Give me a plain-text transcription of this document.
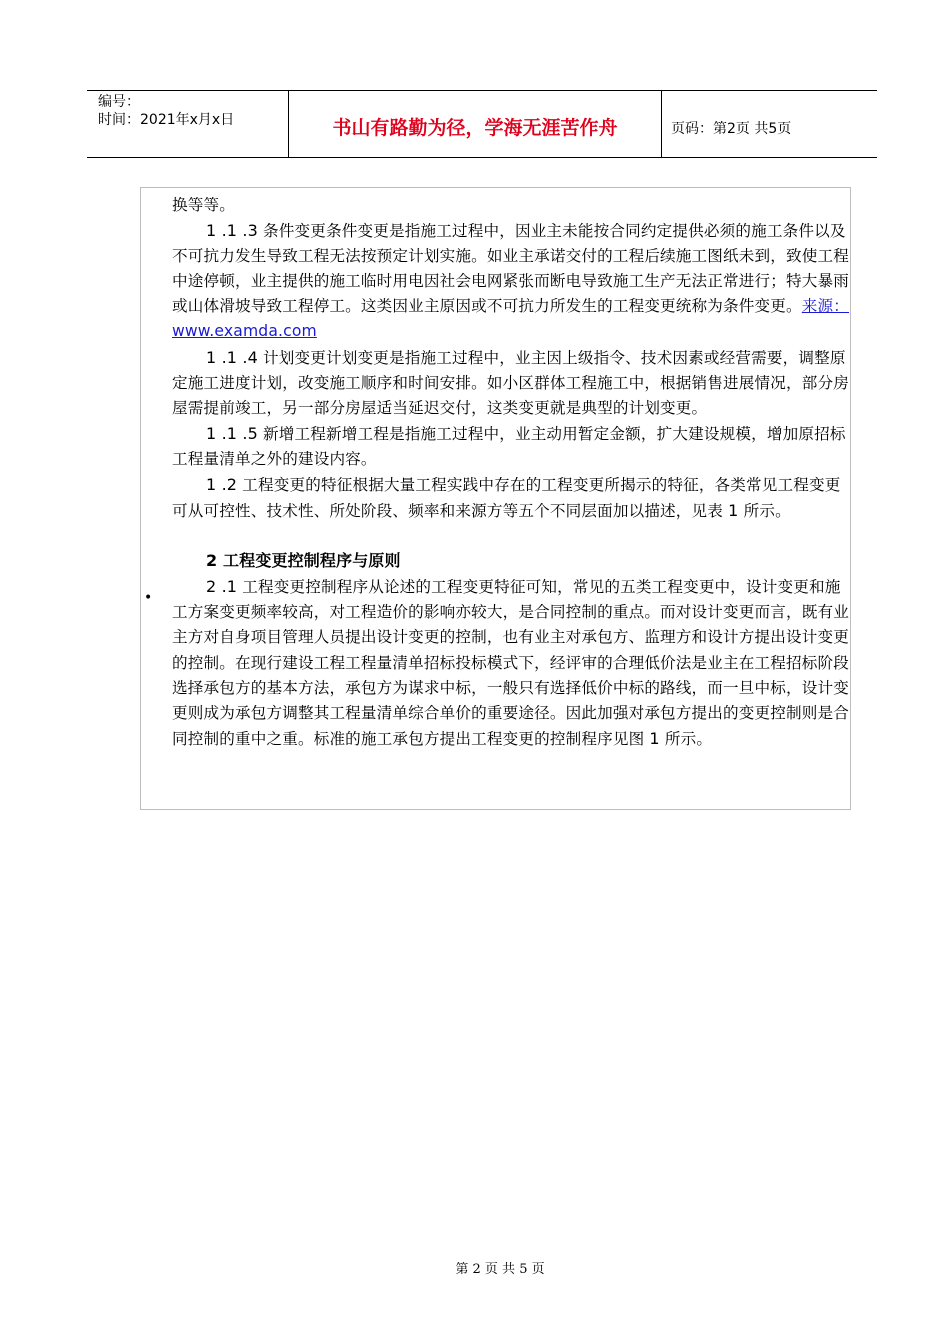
编号：
时间：2021年x月x日	书山有路勤为径，学海无涯苦作舟	页码：第2页 共5页
•

换等等。

1 .1 .3 条件变更条件变更是指施工过程中，因业主未能按合同约定提供必须的施工条件以及不可抗力发生导致工程无法按预定计划实施。如业主承诺交付的工程后续施工图纸未到，致使工程中途停顿，业主提供的施工临时用电因社会电网紧张而断电导致施工生产无法正常进行；特大暴雨或山体滑坡导致工程停工。这类因业主原因或不可抗力所发生的工程变更统称为条件变更。来源：www.examda.com

1 .1 .4 计划变更计划变更是指施工过程中，业主因上级指令、技术因素或经营需要，调整原定施工进度计划，改变施工顺序和时间安排。如小区群体工程施工中，根据销售进展情况，部分房屋需提前竣工，另一部分房屋适当延迟交付，这类变更就是典型的计划变更。

1 .1 .5 新增工程新增工程是指施工过程中，业主动用暂定金额，扩大建设规模，增加原招标工程量清单之外的建设内容。

1 .2 工程变更的特征根据大量工程实践中存在的工程变更所揭示的特征，各类常见工程变更可从可控性、技术性、所处阶段、频率和来源方等五个不同层面加以描述，见表 1 所示。

2 工程变更控制程序与原则

2 .1 工程变更控制程序从论述的工程变更特征可知，常见的五类工程变更中，设计变更和施工方案变更频率较高，对工程造价的影响亦较大，是合同控制的重点。而对设计变更而言，既有业主方对自身项目管理人员提出设计变更的控制，也有业主对承包方、监理方和设计方提出设计变更的控制。在现行建设工程工程量清单招标投标模式下，经评审的合理低价法是业主在工程招标阶段选择承包方的基本方法，承包方为谋求中标，一般只有选择低价中标的路线，而一旦中标，设计变更则成为承包方调整其工程量清单综合单价的重要途径。因此加强对承包方提出的变更控制则是合同控制的重中之重。标准的施工承包方提出工程变更的控制程序见图 1 所示。

第 2 页 共 5 页
